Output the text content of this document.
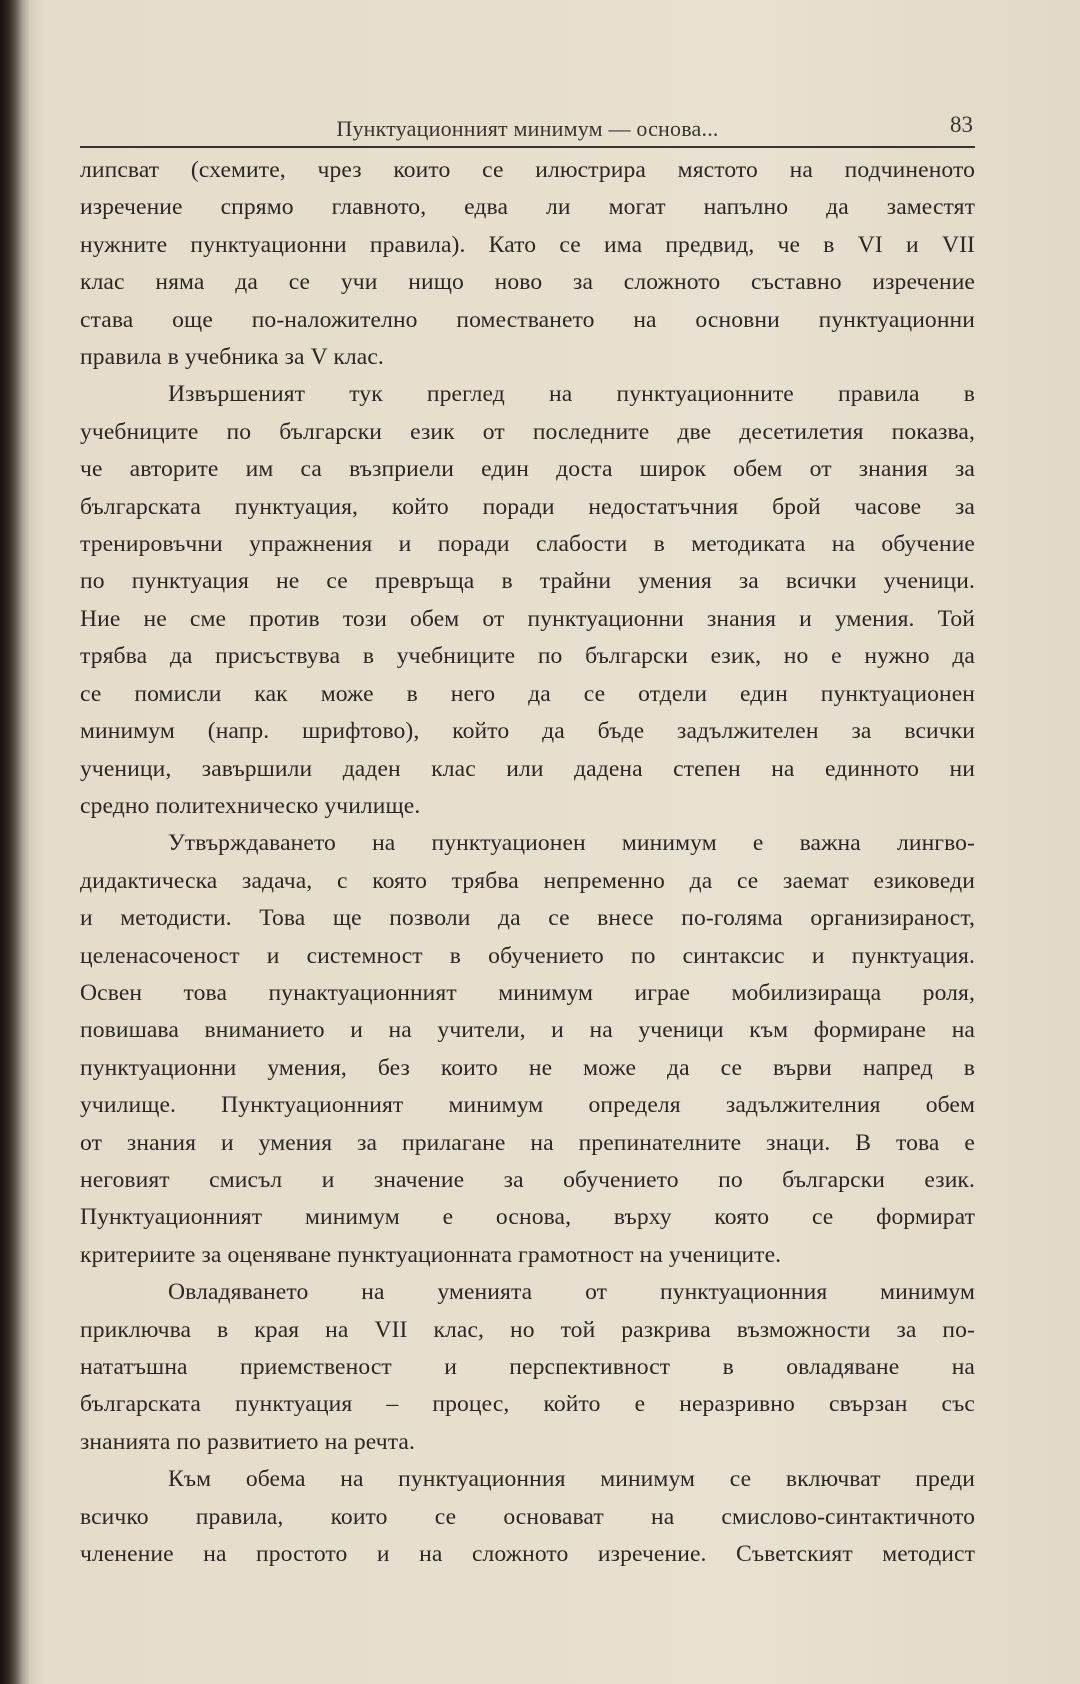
Пунктуационният минимум — основа...	83
липсват (схемите, чрез които се илюстрира мястото на подчиненото
изречение спрямо главното, едва ли могат напълно да заместят
нужните пунктуационни правила). Като се има предвид, че в VI и VII
клас няма да се учи нищо ново за сложното съставно изречение
става още по-наложително поместването на основни пунктуационни
правила в учебника за V клас.
Извършеният тук преглед на пунктуационните правила в
учебниците по български език от последните две десетилетия показва,
че авторите им са възприели един доста широк обем от знания за
българската пунктуация, който поради недостатъчния брой часове за
тренировъчни упражнения и поради слабости в методиката на обучение
по пунктуация не се превръща в трайни умения за всички ученици.
Ние не сме против този обем от пунктуационни знания и умения. Той
трябва да присъствува в учебниците по български език, но е нужно да
се помисли как може в него да се отдели един пунктуационен
минимум (напр. шрифтово), който да бъде задължителен за всички
ученици, завършили даден клас или дадена степен на единното ни
средно политехническо училище.
Утвърждаването на пунктуационен минимум е важна лингво-
дидактическа задача, с която трябва непременно да се заемат езиковеди
и методисти. Това ще позволи да се внесе по-голяма организираност,
целенасоченост и системност в обучението по синтаксис и пунктуация.
Освен това пунактуационният минимум играе мобилизираща роля,
повишава вниманието и на учители, и на ученици към формиране на
пунктуационни умения, без които не може да се върви напред в
училище. Пунктуационният минимум определя задължителния обем
от знания и умения за прилагане на препинателните знаци. В това е
неговият смисъл и значение за обучението по български език.
Пунктуационният минимум е основа, върху която се формират
критериите за оценяване пунктуационната грамотност на учениците.
Овладяването на уменията от пунктуационния минимум
приключва в края на VII клас, но той разкрива възможности за по-
нататъшна приемственост и перспективност в овладяване на
българската пунктуация – процес, който е неразривно свързан със
знанията по развитието на речта.
Към обема на пунктуационния минимум се включват преди
всичко правила, които се основават на смислово-синтактичното
членение на простото и на сложното изречение. Съветският методист
